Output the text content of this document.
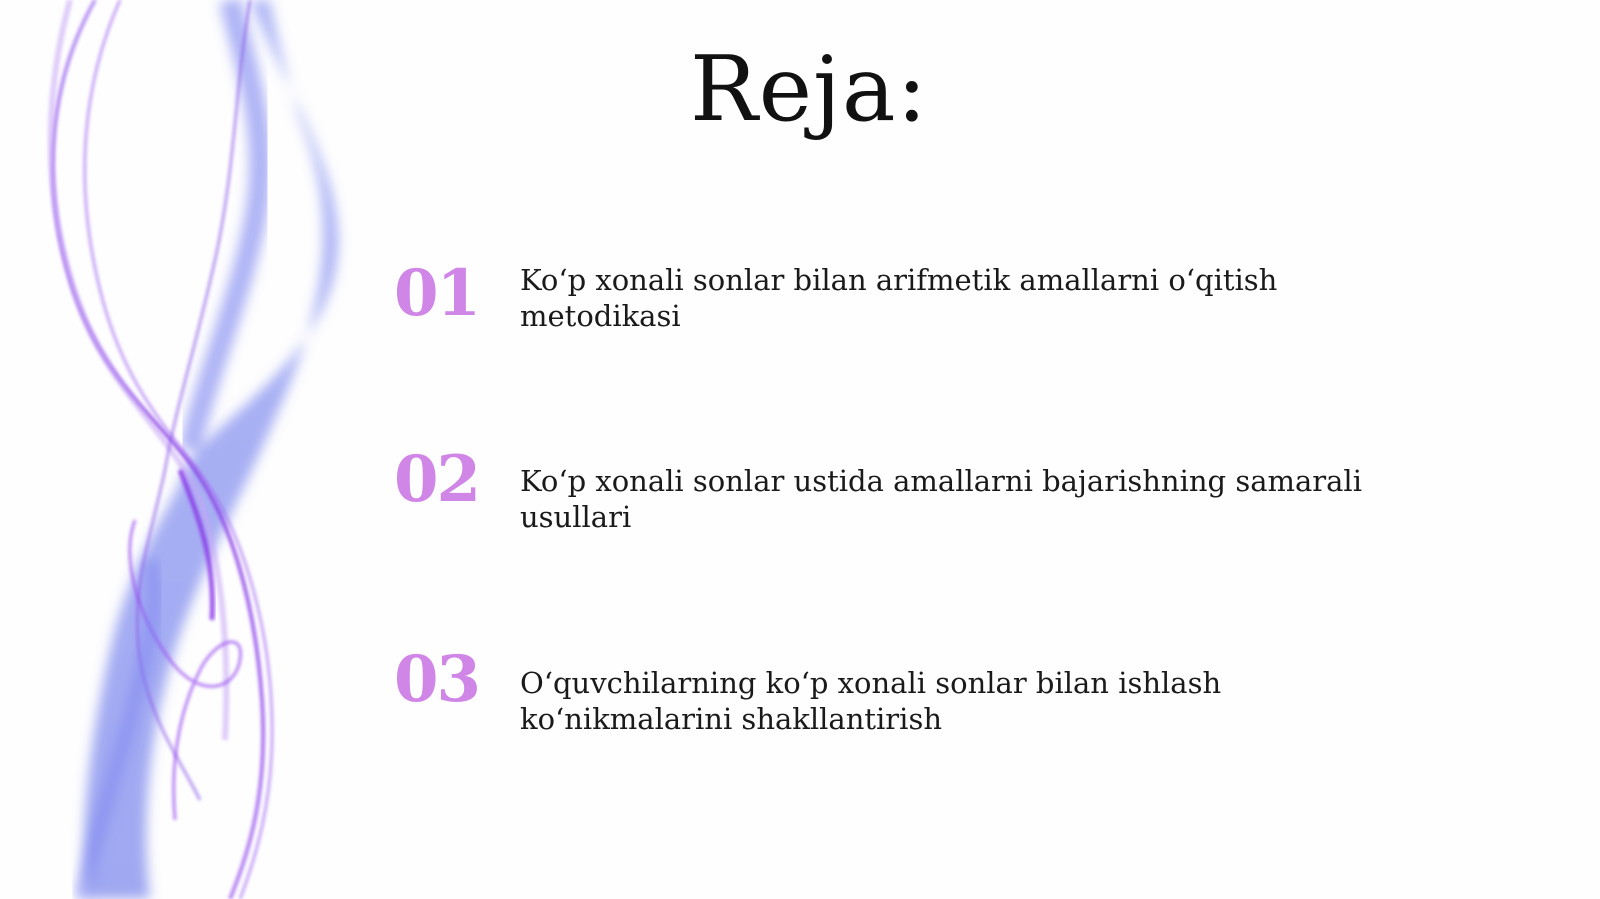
Reja:
01 Ko‘p xonali sonlar bilan arifmetik amallarni o‘qitish metodikasi
02 Ko‘p xonali sonlar ustida amallarni bajarishning samarali usullari
03 O‘quvchilarning ko‘p xonali sonlar bilan ishlash ko‘nikmalarini shakllantirish
